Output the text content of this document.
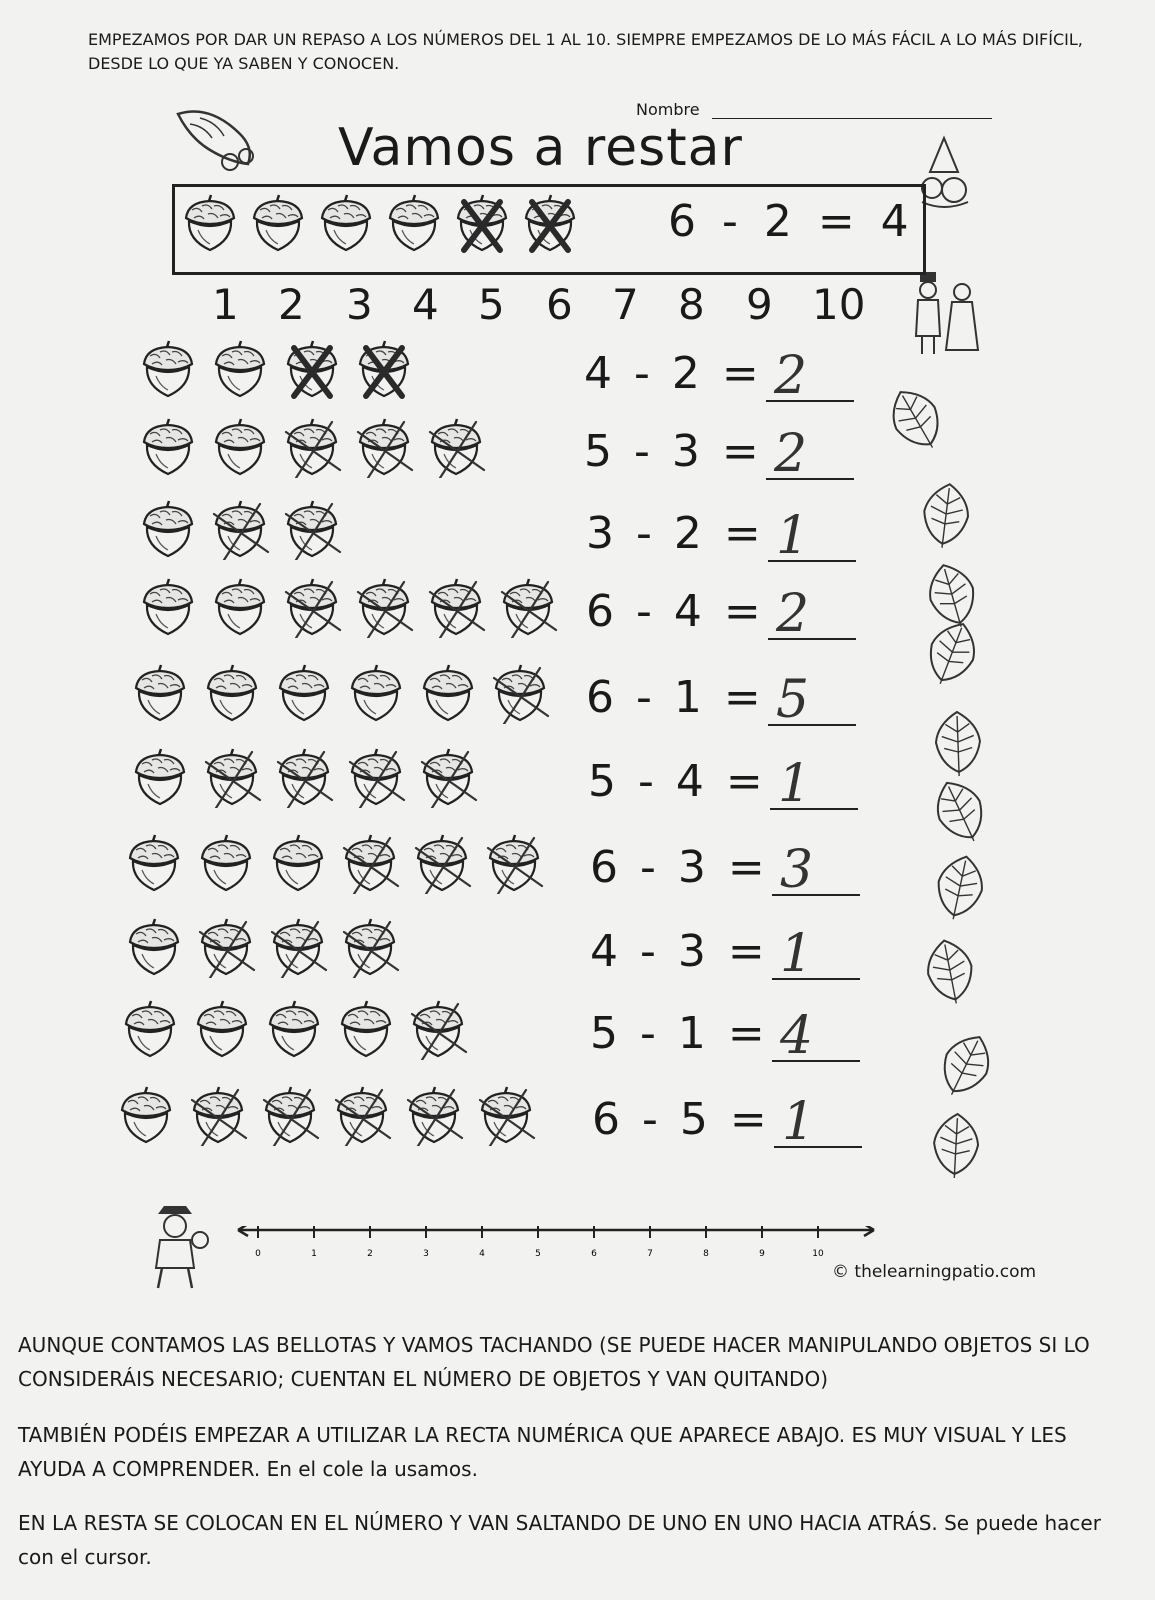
EMPEZAMOS POR DAR UN REPASO A LOS NÚMEROS DEL 1 AL 10. SIEMPRE EMPEZAMOS DE LO MÁS FÁCIL A LO MÁS DIFÍCIL, DESDE LO QUE YA SABEN Y CONOCEN.
Nombre
Vamos a restar
6 - 2 = 4
1 2 3 4 5 6 7 8 9 10
4 - 2 = 2
5 - 3 = 2
3 - 2 = 1
6 - 4 = 2
6 - 1 = 5
5 - 4 = 1
6 - 3 = 3
4 - 3 = 1
5 - 1 = 4
6 - 5 = 1
0	1	2	3	4	5	6	7	8	9	10
© thelearningpatio.com
AUNQUE CONTAMOS LAS BELLOTAS Y VAMOS TACHANDO (SE PUEDE HACER MANIPULANDO OBJETOS SI LO CONSIDERÁIS NECESARIO; CUENTAN EL NÚMERO DE OBJETOS Y VAN QUITANDO)
TAMBIÉN PODÉIS EMPEZAR A UTILIZAR LA RECTA NUMÉRICA QUE APARECE ABAJO. ES MUY VISUAL Y LES AYUDA A COMPRENDER. En el cole la usamos.
EN LA RESTA SE COLOCAN EN EL NÚMERO Y VAN SALTANDO DE UNO EN UNO HACIA ATRÁS. Se puede hacer con el cursor.
